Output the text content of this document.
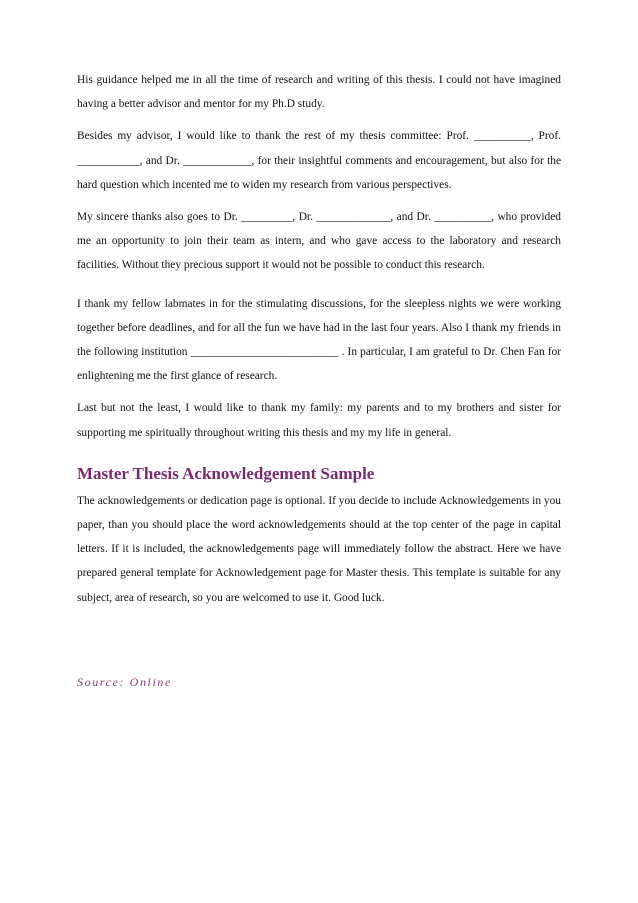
His guidance helped me in all the time of research and writing of this thesis. I could not have imagined having a better advisor and mentor for my Ph.D study.

Besides my advisor, I would like to thank the rest of my thesis committee: Prof. __________, Prof. ___________, and Dr. ____________, for their insightful comments and encouragement, but also for the hard question which incented me to widen my research from various perspectives.

My sincere thanks also goes to Dr. _________, Dr. _____________, and Dr. __________, who provided me an opportunity to join their team as intern, and who gave access to the laboratory and research facilities. Without they precious support it would not be possible to conduct this research.

I thank my fellow labmates in for the stimulating discussions, for the sleepless nights we were working together before deadlines, and for all the fun we have had in the last four years. Also I thank my friends in the following institution __________________________ . In particular, I am grateful to Dr. Chen Fan for enlightening me the first glance of research.

Last but not the least, I would like to thank my family: my parents and to my brothers and sister for supporting me spiritually throughout writing this thesis and my my life in general.

Master Thesis Acknowledgement Sample

The acknowledgements or dedication page is optional. If you decide to include Acknowledgements in you paper, than you should place the word acknowledgements should at the top center of the page in capital letters. If it is included, the acknowledgements page will immediately follow the abstract. Here we have prepared general template for Acknowledgement page for Master thesis. This template is suitable for any subject, area of research, so you are welcomed to use it. Good luck.

Source: Online
